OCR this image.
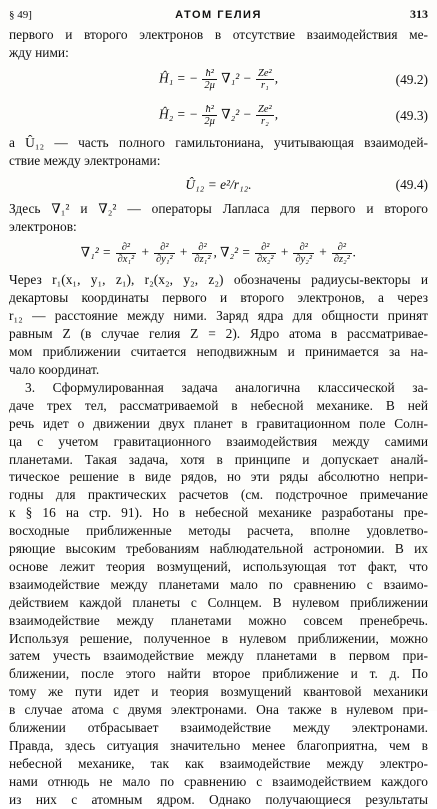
§ 49]	АТОМ ГЕЛИЯ	313

первого и второго электронов в отсутствие взаимодействия ме-
жду ними:

Ĥ₁ = − $\frac{\text{ħ²}}{2\mu} \nabla_1^2 - \frac{\text{Ze²}}{\text{r₁}}$ ,	(49.2)
Ĥ₂ = − $\frac{\text{ħ²}}{2\mu} \nabla_2^2 - \frac{\text{Ze²}}{\text{r₂}}$ ,	(49.3)

а Û₁₂ — часть полного гамильтониана, учитывающая взаимодей-
ствие между электронами:

Û₁₂ = e²/r₁₂.	(49.4)

Здесь ∇₁² и ∇₂² — операторы Лапласа для первого и второго
электронов:

$\nabla_1^2 = \frac{\text{∂²}}{\text{∂x₁²}} + \frac{\text{∂²}}{\text{∂y₁²}} + \frac{\text{∂²}}{\text{∂z₁²}}$ , $\nabla_2^2 = \frac{\text{∂²}}{\text{∂x₂²}} + \frac{\text{∂²}}{\text{∂y₂²}} + \frac{\text{∂²}}{\text{∂z₂²}}$ .

Через r₁(x₁, y₁, z₁), r₂(x₂, y₂, z₂) обозначены радиусы-векторы и
декартовы координаты первого и второго электронов, а через
r₁₂ — расстояние между ними. Заряд ядра для общности принят
равным Z (в случае гелия Z = 2). Ядро атома в рассматривае-
мом приближении считается неподвижным и принимается за на-
чало координат.

3. Сформулированная задача аналогична классической за-
даче трех тел, рассматриваемой в небесной механике. В ней
речь идет о движении двух планет в гравитационном поле Солн-
ца с учетом гравитационного взаимодействия между самими
планетами. Такая задача, хотя в принципе и допускает аналй-
тическое решение в виде рядов, но эти ряды абсолютно непри-
годны для практических расчетов (см. подстрочное примечание
к § 16 на стр. 91). Но в небесной механике разработаны пре-
восходные приближенные методы расчета, вполне удовлетво-
ряющие высоким требованиям наблюдательной астрономии. В их
основе лежит теория возмущений, использующая тот факт, что
взаимодействие между планетами мало по сравнению с взаимо-
действием каждой планеты с Солнцем. В нулевом приближении
взаимодействие между планетами можно совсем пренебречь.
Используя решение, полученное в нулевом приближении, можно
затем учесть взаимодействие между планетами в первом при-
ближении, после этого найти второе приближение и т. д. По
тому же пути идет и теория возмущений квантовой механики
в случае атома с двумя электронами. Она также в нулевом при-
ближении отбрасывает взаимодействие между электронами.
Правда, здесь ситуация значительно менее благоприятна, чем в
небесной механике, так как взаимодействие между электро-
нами отнюдь не мало по сравнению с взаимодействием каждого
из них с атомным ядром. Однако получающиеся результаты
